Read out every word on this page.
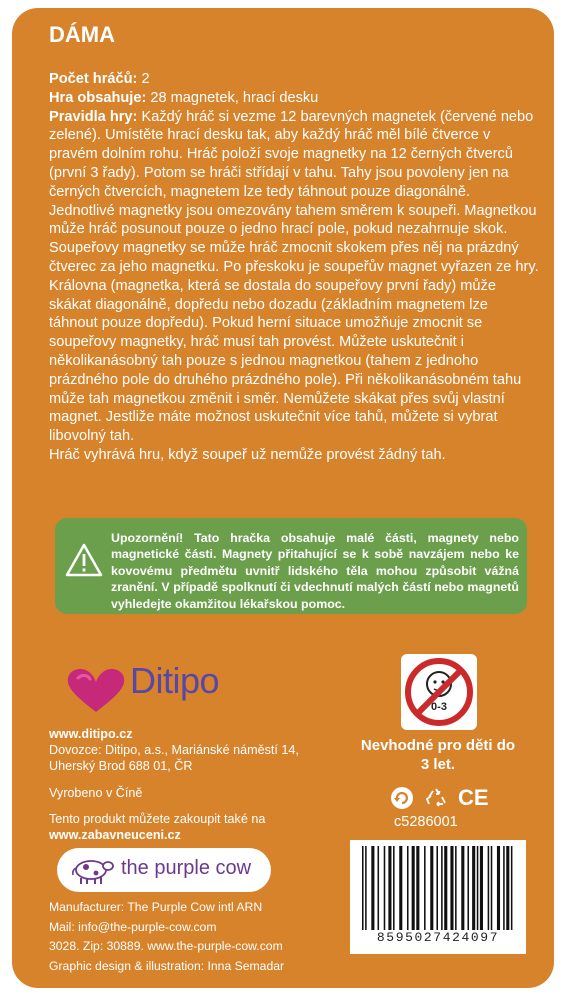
DÁMA

Počet hráčů: 2

Hra obsahuje: 28 magnetek, hrací desku

Pravidla hry: Každý hráč si vezme 12 barevných magnetek (červené nebo zelené). Umístěte hrací desku tak, aby každý hráč měl bílé čtverce v pravém dolním rohu. Hráč položí svoje magnetky na 12 černých čtverců (první 3 řady). Potom se hráči střídají v tahu. Tahy jsou povoleny jen na černých čtvercích, magnetem lze tedy táhnout pouze diagonálně. Jednotlivé magnetky jsou omezovány tahem směrem k soupeři. Magnetkou může hráč posunout pouze o jedno hrací pole, pokud nezahrnuje skok. Soupeřovy magnetky se může hráč zmocnit skokem přes něj na prázdný čtverec za jeho magnetku. Po přeskoku je soupeřův magnet vyřazen ze hry. Královna (magnetka, která se dostala do soupeřovy první řady) může skákat diagonálně, dopředu nebo dozadu (základním magnetem lze táhnout pouze dopředu). Pokud herní situace umožňuje zmocnit se soupeřovy magnetky, hráč musí tah provést. Můžete uskutečnit i několikanásobný tah pouze s jednou magnetkou (tahem z jednoho prázdného pole do druhého prázdného pole). Při několikanásobném tahu může tah magnetkou změnit i směr. Nemůžete skákat přes svůj vlastní magnet. Jestliže máte možnost uskutečnit více tahů, můžete si vybrat libovolný tah.

Hráč vyhrává hru, když soupeř už nemůže provést žádný tah.

Upozornění! Tato hračka obsahuje malé části, magnety nebo magnetické části. Magnety přitahující se k sobě navzájem nebo ke kovovému předmětu uvnitř lidského těla mohou způsobit vážná zranění. V případě spolknutí či vdechnutí malých částí nebo magnetů vyhledejte okamžitou lékařskou pomoc.
Ditipo
0-3

www.ditipo.cz

Dovozce: Ditipo, a.s., Mariánské náměstí 14,

Uherský Brod 688 01, ČR

Vyrobeno v Číně

Tento produkt můžete zakoupit také na

www.zabavneuceni.cz

Nevhodné pro děti do 3 let.
CE
c5286001
the purple cow

Manufacturer: The Purple Cow intl ARN

Mail: info@the-purple-cow.com

3028. Zip: 30889. www.the-purple-cow.com

Graphic design & illustration: Inna Semadar

8595027424097
